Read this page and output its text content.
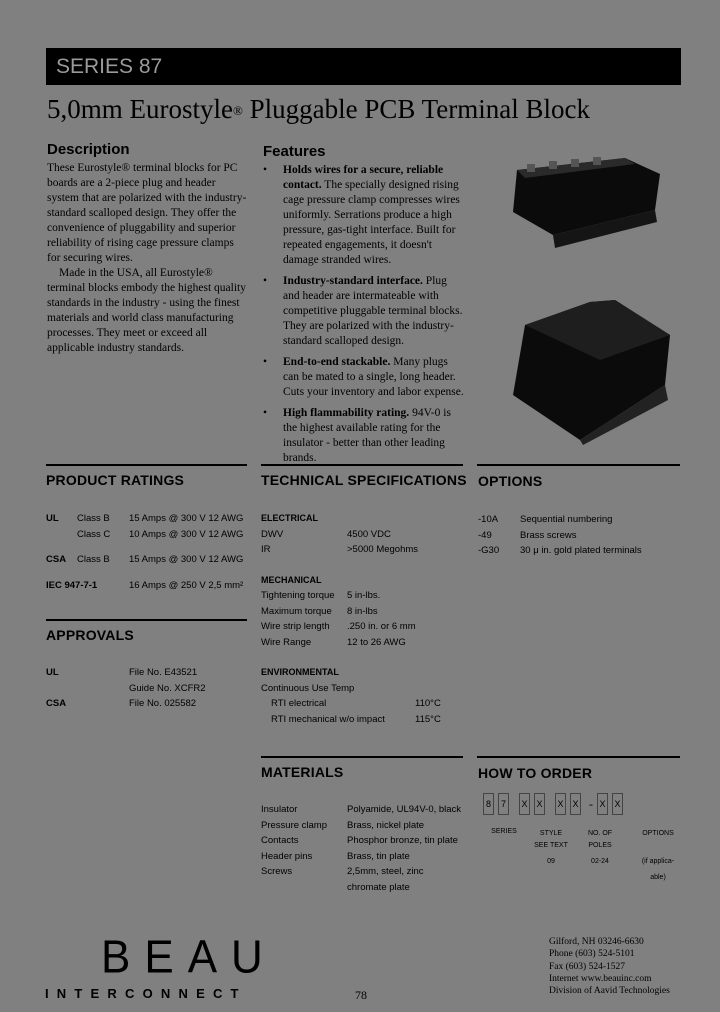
SERIES 87
5,0mm Eurostyle® Pluggable PCB Terminal Block
Description

These Eurostyle® terminal blocks for PC boards are a 2-piece plug and header system that are polarized with the industry-standard scalloped design. They offer the convenience of pluggability and superior reliability of rising cage pressure clamps for securing wires.

Made in the USA, all Eurostyle® terminal blocks embody the highest quality standards in the industry - using the finest materials and world class manufacturing processes. They meet or exceed all applicable industry standards.

Features
• Holds wires for a secure, reliable contact. The specially designed rising cage pressure clamp compresses wires uniformly. Serrations produce a high pressure, gas-tight interface. Built for repeated engagements, it doesn't damage stranded wires.
• Industry-standard interface. Plug and header are intermateable with competitive pluggable terminal blocks. They are polarized with the industry-standard scalloped design.
• End-to-end stackable. Many plugs can be mated to a single, long header. Cuts your inventory and labor expense.
• High flammability rating. 94V-0 is the highest available rating for the insulator - better than other leading brands.
PRODUCT RATINGS
UL Class B 15 Amps @ 300 V 12 AWG
Class C 10 Amps @ 300 V 12 AWG
CSA Class B 15 Amps @ 300 V 12 AWG
IEC 947-7-1	16 Amps @ 250 V 2,5 mm²
APPROVALS
UL	File No. E43521
Guide No. XCFR2
CSA	File No. 025582
TECHNICAL SPECIFICATIONS
ELECTRICAL
DWV	4500 VDC
IR	>5000 Megohms
MECHANICAL
Tightening torque 5 in-lbs.
Maximum torque 8 in-lbs
Wire strip length .250 in. or 6 mm
Wire Range	12 to 26 AWG
ENVIRONMENTAL
Continuous Use Temp
RTI electrical	110°C
RTI mechanical w/o impact	115°C
OPTIONS
-10A Sequential numbering
-49	Brass screws
-G30 30 μ in. gold plated terminals
MATERIALS
Insulator	Polyamide, UL94V-0, black
Pressure clamp Brass, nickel plate
Contacts	Phosphor bronze, tin plate
Header pins	Brass, tin plate
Screws	2,5mm, steel, zinc
chromate plate
HOW TO ORDER
8 7 X X X X - X X
SERIES	STYLE
SEE TEXT
09
NO. OF
POLES
02-24
OPTIONS
(if applica-
able)
BEAU
INTERCONNECT	78
Gilford, NH 03246-6630
Phone (603) 524-5101
Fax (603) 524-1527
Internet www.beauinc.com
Division of Aavid Technologies
